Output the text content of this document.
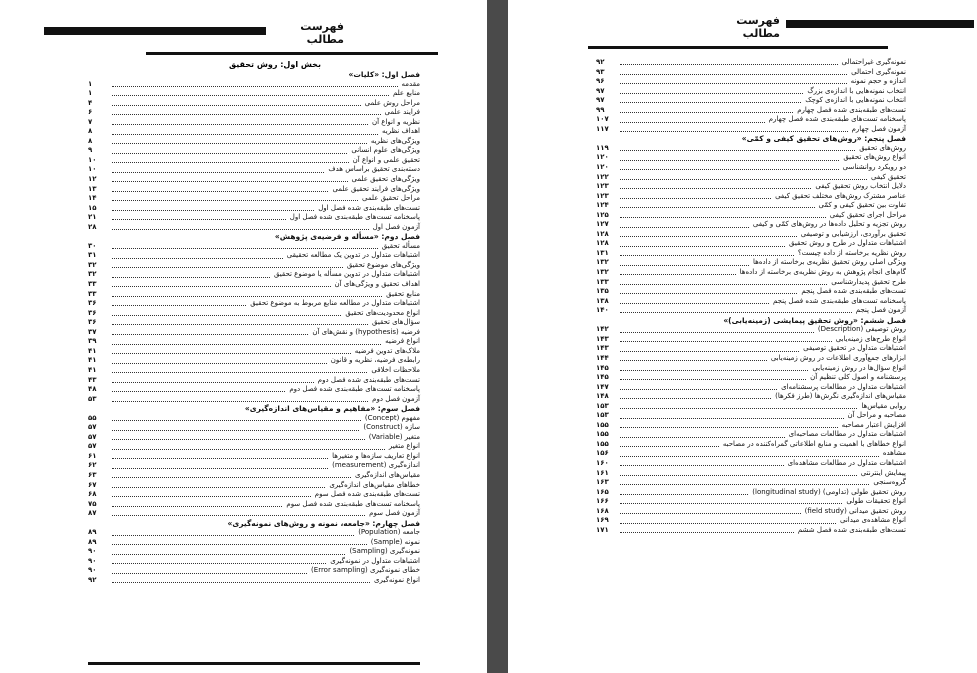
فهرست مطالب
بخش اول: روش تحقیق
فصل اول: «کلیات»
مقدمه
۱
منابع علم
۱
مراحل روش علمی
۴
فرایند علمی
۶
نظریه و انواع آن
۷
اهداف نظریه
۸
ویژگی‌های نظریه
۸
ویژگی‌های علوم انسانی
۹
تحقیق علمی و انواع آن
۱۰
دسته‌بندی تحقیق براساس هدف
۱۰
ویژگی‌های تحقیق علمی
۱۲
ویژگی‌های فرایند تحقیق علمی
۱۳
مراحل تحقیق علمی
۱۴
تست‌های طبقه‌بندی شده فصل اول
۱۵
پاسخنامه تست‌های طبقه‌بندی شده فصل اول
۲۱
آزمون فصل اول
۲۸
فصل دوم: «مسأله و فرضیه‌ی پژوهش»
مسأله تحقیق
۳۰
اشتباهات متداول در تدوین یک مطالعه تحقیقی
۳۱
ویژگی‌های موضوع تحقیق
۳۲
اشتباهات متداول در تدوین مسأله یا موضوع تحقیق
۳۲
اهداف تحقیق و ویژگی‌های آن
۳۳
منابع تحقیق
۳۳
اشتباهات متداول در مطالعه منابع مربوط به موضوع تحقیق
۳۶
انواع محدودیت‌های تحقیق
۳۶
سؤال‌های تحقیق
۳۶
فرضیه (hypothesis) و نقش‌های آن
۳۷
انواع فرضیه
۳۹
ملاک‌های تدوین فرضیه
۴۱
رابطه‌ی فرضیه، نظریه و قانون
۴۱
ملاحظات اخلاقی
۴۱
تست‌های طبقه‌بندی شده فصل دوم
۴۳
پاسخنامه تست‌های طبقه‌بندی شده فصل دوم
۴۸
آزمون فصل دوم
۵۳
فصل سوم: «مفاهیم و مقیاس‌های اندازه‌گیری»
مفهوم (Concept)
۵۵
سازه (Construct)
۵۷
متغیر (Variable)
۵۷
انواع متغیر
۵۷
انواع تعاریف سازه‌ها و متغیرها
۶۱
اندازه‌گیری (measurement)
۶۲
مقیاس‌های اندازه‌گیری
۶۳
خطاهای مقیاس‌های اندازه‌گیری
۶۷
تست‌های طبقه‌بندی شده فصل سوم
۶۸
پاسخنامه تست‌های طبقه‌بندی شده فصل سوم
۷۵
آزمون فصل سوم
۸۷
فصل چهارم: «جامعه، نمونه و روش‌های نمونه‌گیری»
جامعه (Population)
۸۹
نمونه (Sample)
۸۹
نمونه‌گیری (Sampling)
۹۰
اشتباهات متداول در نمونه‌گیری
۹۰
خطای نمونه‌گیری (Error sampling)
۹۰
انواع نمونه‌گیری
۹۲
فهرست مطالب
نمونه‌گیری غیراحتمالی
۹۲
نمونه‌گیری احتمالی
۹۳
اندازه و حجم نمونه
۹۶
انتخاب نمونه‌هایی با اندازه‌ی بزرگ
۹۷
انتخاب نمونه‌هایی با اندازه‌ی کوچک
۹۷
تست‌های طبقه‌بندی شده فصل چهارم
۹۹
پاسخنامه تست‌های طبقه‌بندی شده فصل چهارم
۱۰۷
آزمون فصل چهارم
۱۱۷
فصل پنجم: «روش‌های تحقیق کیفی و کمّی»
روش‌های تحقیق
۱۱۹
انواع روش‌های تحقیق
۱۲۰
دو رویکرد روانشناسی
۱۲۰
تحقیق کیفی
۱۲۲
دلایل انتخاب روش تحقیق کیفی
۱۲۳
عناصر مشترک روش‌های مختلف تحقیق کیفی
۱۲۳
تفاوت بین تحقیق کیفی و کمّی
۱۲۴
مراحل اجرای تحقیق کیفی
۱۲۵
روش تجزیه و تحلیل داده‌ها در روش‌های کمّی و کیفی
۱۲۷
تحقیق برآوردی، ارزشیابی و توصیفی
۱۲۸
اشتباهات متداول در طرح و روش تحقیق
۱۲۸
روش نظریه برخاسته از داده چیست؟
۱۳۱
ویژگی اصلی روش تحقیق نظریه‌ی برخاسته از داده‌ها
۱۳۲
گام‌های انجام پژوهش به روش نظریه‌ی برخاسته از داده‌ها
۱۳۲
طرح تحقیق پدیدارشناسی
۱۳۳
تست‌های طبقه‌بندی شده فصل پنجم
۱۳۵
پاسخنامه تست‌های طبقه‌بندی شده فصل پنجم
۱۳۸
آزمون فصل پنجم
۱۴۰
فصل ششم: «روش تحقیق پیمایشی (زمینه‌یابی)»
روش توصیفی (Description)
۱۴۲
انواع طرح‌های زمینه‌یابی
۱۴۳
اشتباهات متداول در تحقیق توصیفی
۱۴۳
ابزارهای جمع‌آوری اطلاعات در روش زمینه‌یابی
۱۴۴
انواع سؤال‌ها در روش زمینه‌یابی
۱۴۵
پرسشنامه و اصول کلی تنظیم آن
۱۴۵
اشتباهات متداول در مطالعات پرسشنامه‌ای
۱۴۷
مقیاس‌های اندازه‌گیری نگرش‌ها (طرز فکرها)
۱۴۸
روایی مقیاس‌ها
۱۵۳
مصاحبه و مراحل آن
۱۵۳
افزایش اعتبار مصاحبه
۱۵۵
اشتباهات متداول در مطالعات مصاحبه‌ای
۱۵۵
انواع خطاهای با اهمیت و منابع اطلاعاتی گمراه‌کننده در مصاحبه
۱۵۵
مشاهده
۱۵۶
اشتباهات متداول در مطالعات مشاهده‌ای
۱۶۰
پیمایش اینترنتی
۱۶۱
گروه‌سنجی
۱۶۳
روش تحقیق طولی (تداومی) (longitudinal study)
۱۶۵
انواع تحقیقات طولی
۱۶۶
روش تحقیق میدانی (field study)
۱۶۸
انواع مشاهده‌ی میدانی
۱۶۹
تست‌های طبقه‌بندی شده فصل ششم
۱۷۱
